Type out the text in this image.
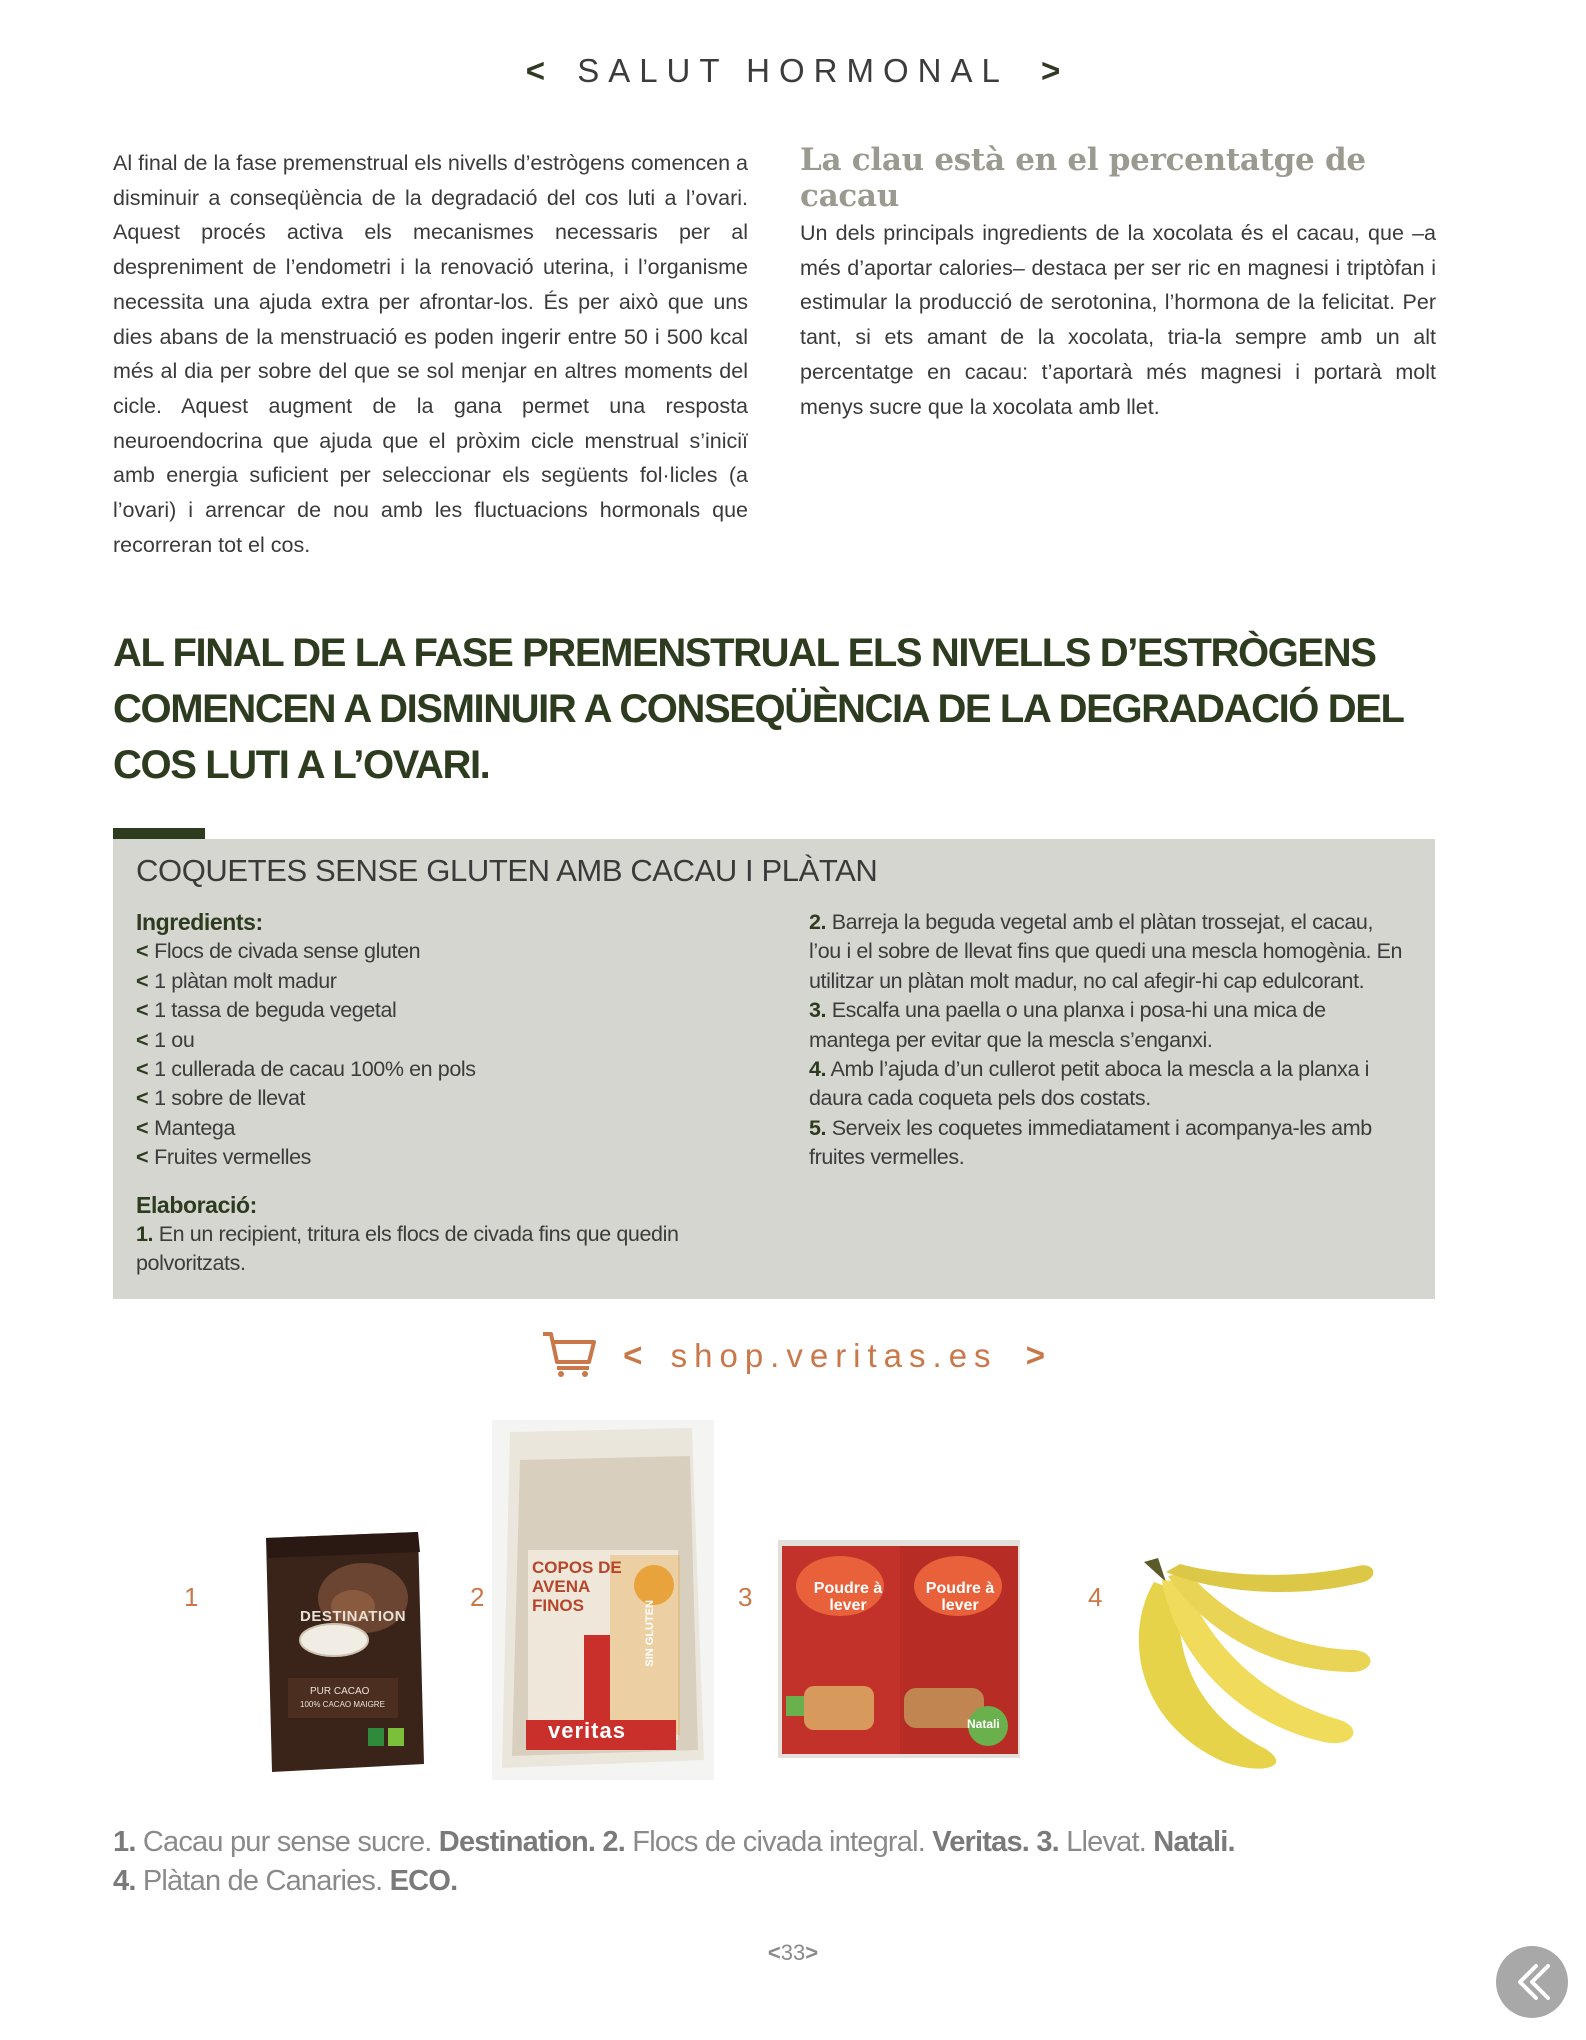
< SALUT HORMONAL >
Al final de la fase premenstrual els nivells d’estrògens comencen a disminuir a conseqüència de la degradació del cos luti a l’ovari. Aquest procés activa els mecanismes necessaris per al despreniment de l’endometri i la renovació uterina, i l’organisme necessita una ajuda extra per afrontar-los. És per això que uns dies abans de la menstruació es poden ingerir entre 50 i 500 kcal més al dia per sobre del que se sol menjar en altres moments del cicle. Aquest augment de la gana permet una resposta neuroendocrina que ajuda que el pròxim cicle menstrual s’iniciï amb energia suficient per seleccionar els següents fol·licles (a l’ovari) i arrencar de nou amb les fluctuacions hormonals que recorreran tot el cos.
La clau està en el percentatge de cacau

Un dels principals ingredients de la xocolata és el cacau, que –a més d’aportar calories– destaca per ser ric en magnesi i triptòfan i estimular la producció de serotonina, l’hormona de la felicitat. Per tant, si ets amant de la xocolata, tria-la sempre amb un alt percentatge en cacau: t’aportarà més magnesi i portarà molt menys sucre que la xocolata amb llet.

AL FINAL DE LA FASE PREMENSTRUAL ELS NIVELLS D’ESTRÒGENS COMENCEN A DISMINUIR A CONSEQÜÈNCIA DE LA DEGRADACIÓ DEL COS LUTI A L’OVARI.
COQUETES SENSE GLUTEN AMB CACAU I PLÀTAN
Ingredients:
< Flocs de civada sense gluten
< 1 plàtan molt madur
< 1 tassa de beguda vegetal
< 1 ou
< 1 cullerada de cacau 100% en pols
< 1 sobre de llevat
< Mantega
< Fruites vermelles
Elaboració:
1. En un recipient, tritura els flocs de civada fins que quedin polvoritzats.
2. Barreja la beguda vegetal amb el plàtan trossejat, el cacau, l’ou i el sobre de llevat fins que quedi una mescla homogènia. En utilitzar un plàtan molt madur, no cal afegir-hi cap edulcorant.
3. Escalfa una paella o una planxa i posa-hi una mica de mantega per evitar que la mescla s’enganxi.
4. Amb l’ajuda d’un cullerot petit aboca la mescla a la planxa i daura cada coqueta pels dos costats.
5. Serveix les coquetes immediatament i acompanya-les amb fruites vermelles.
< shop.veritas.es >
1
DESTINATION
PUR CACAO
100% CACAO MAIGRE
2
COPOS DE AVENA FINOS	SIN GLUTEN
veritas
3	Poudre à lever
Poudre à lever
Natali
4
1. Cacau pur sense sucre. Destination. 2. Flocs de civada integral. Veritas. 3. Llevat. Natali.
4. Plàtan de Canaries. ECO.
<33>
